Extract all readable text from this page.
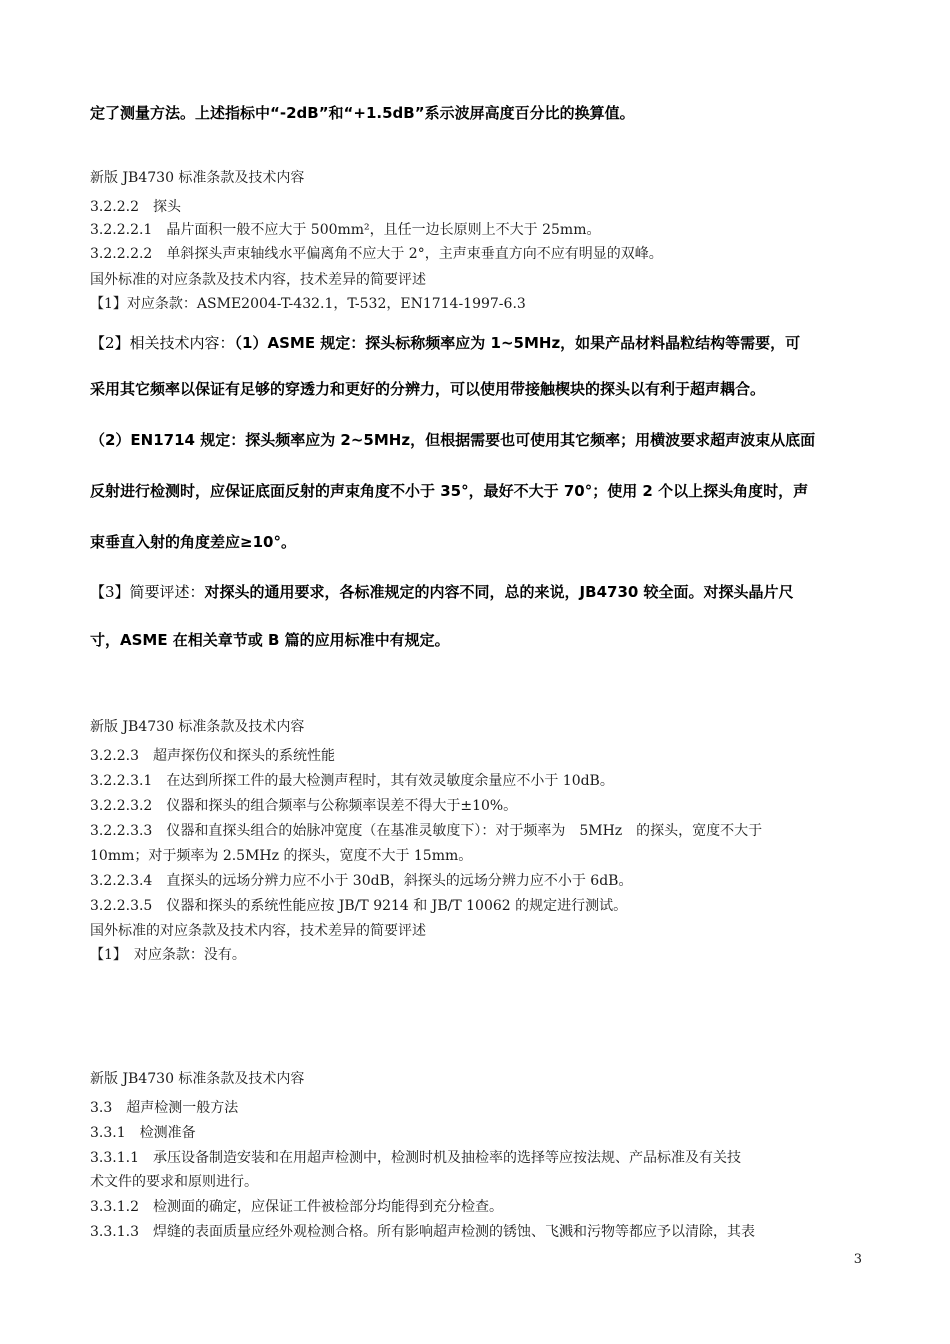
定了测量方法。上述指标中“-2dB”和“+1.5dB”系示波屏高度百分比的换算值。
新版 JB4730 标准条款及技术内容
3.2.2.2　探头
3.2.2.2.1　晶片面积一般不应大于 500mm²，且任一边长原则上不大于 25mm。
3.2.2.2.2　单斜探头声束轴线水平偏离角不应大于 2°，主声束垂直方向不应有明显的双峰。
国外标准的对应条款及技术内容，技术差异的简要评述
【1】对应条款：ASME2004-T-432.1，T-532，EN1714-1997-6.3
【2】相关技术内容：（1）ASME 规定：探头标称频率应为 1~5MHz，如果产品材料晶粒结构等需要，可
采用其它频率以保证有足够的穿透力和更好的分辨力，可以使用带接触楔块的探头以有利于超声耦合。
（2）EN1714 规定：探头频率应为 2~5MHz，但根据需要也可使用其它频率；用横波要求超声波束从底面
反射进行检测时，应保证底面反射的声束角度不小于 35°，最好不大于 70°；使用 2 个以上探头角度时，声
束垂直入射的角度差应≥10°。
【3】简要评述：对探头的通用要求，各标准规定的内容不同，总的来说，JB4730 较全面。对探头晶片尺
寸，ASME 在相关章节或 B 篇的应用标准中有规定。
新版 JB4730 标准条款及技术内容
3.2.2.3　超声探伤仪和探头的系统性能
3.2.2.3.1　在达到所探工件的最大检测声程时，其有效灵敏度余量应不小于 10dB。
3.2.2.3.2　仪器和探头的组合频率与公称频率误差不得大于±10%。
3.2.2.3.3　仪器和直探头组合的始脉冲宽度（在基准灵敏度下）：对于频率为　5MHz　的探头，宽度不大于
10mm；对于频率为 2.5MHz 的探头，宽度不大于 15mm。
3.2.2.3.4　直探头的远场分辨力应不小于 30dB，斜探头的远场分辨力应不小于 6dB。
3.2.2.3.5　仪器和探头的系统性能应按 JB/T 9214 和 JB/T 10062 的规定进行测试。
国外标准的对应条款及技术内容，技术差异的简要评述
【1】　对应条款：没有。
新版 JB4730 标准条款及技术内容
3.3　超声检测一般方法
3.3.1　检测准备
3.3.1.1　承压设备制造安装和在用超声检测中，检测时机及抽检率的选择等应按法规、产品标准及有关技
术文件的要求和原则进行。
3.3.1.2　检测面的确定，应保证工件被检部分均能得到充分检查。
3.3.1.3　焊缝的表面质量应经外观检测合格。所有影响超声检测的锈蚀、飞溅和污物等都应予以清除，其表
3
